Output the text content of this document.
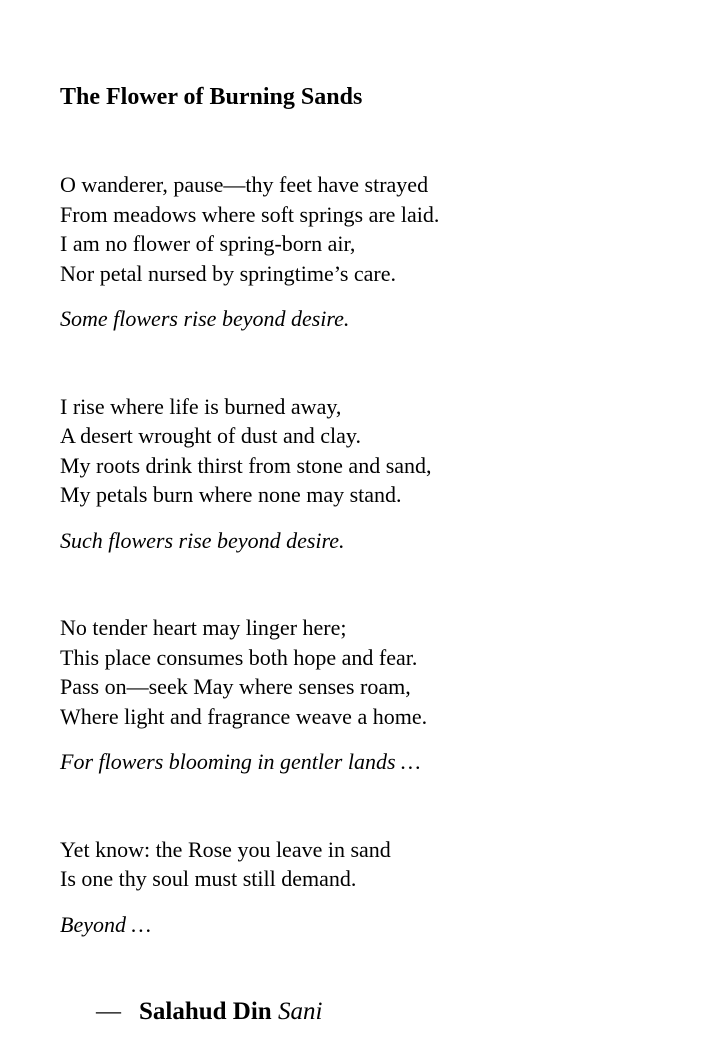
The Flower of Burning Sands

O wanderer, pause—thy feet have strayed
From meadows where soft springs are laid.
I am no flower of spring-born air,
Nor petal nursed by springtime’s care.

Some flowers rise beyond desire.

I rise where life is burned away,
A desert wrought of dust and clay.
My roots drink thirst from stone and sand,
My petals burn where none may stand.

Such flowers rise beyond desire.

No tender heart may linger here;
This place consumes both hope and fear.
Pass on—seek May where senses roam,
Where light and fragrance weave a home.

For flowers blooming in gentler lands …

Yet know: the Rose you leave in sand
Is one thy soul must still demand.

Beyond …

— Salahud Din Sani
